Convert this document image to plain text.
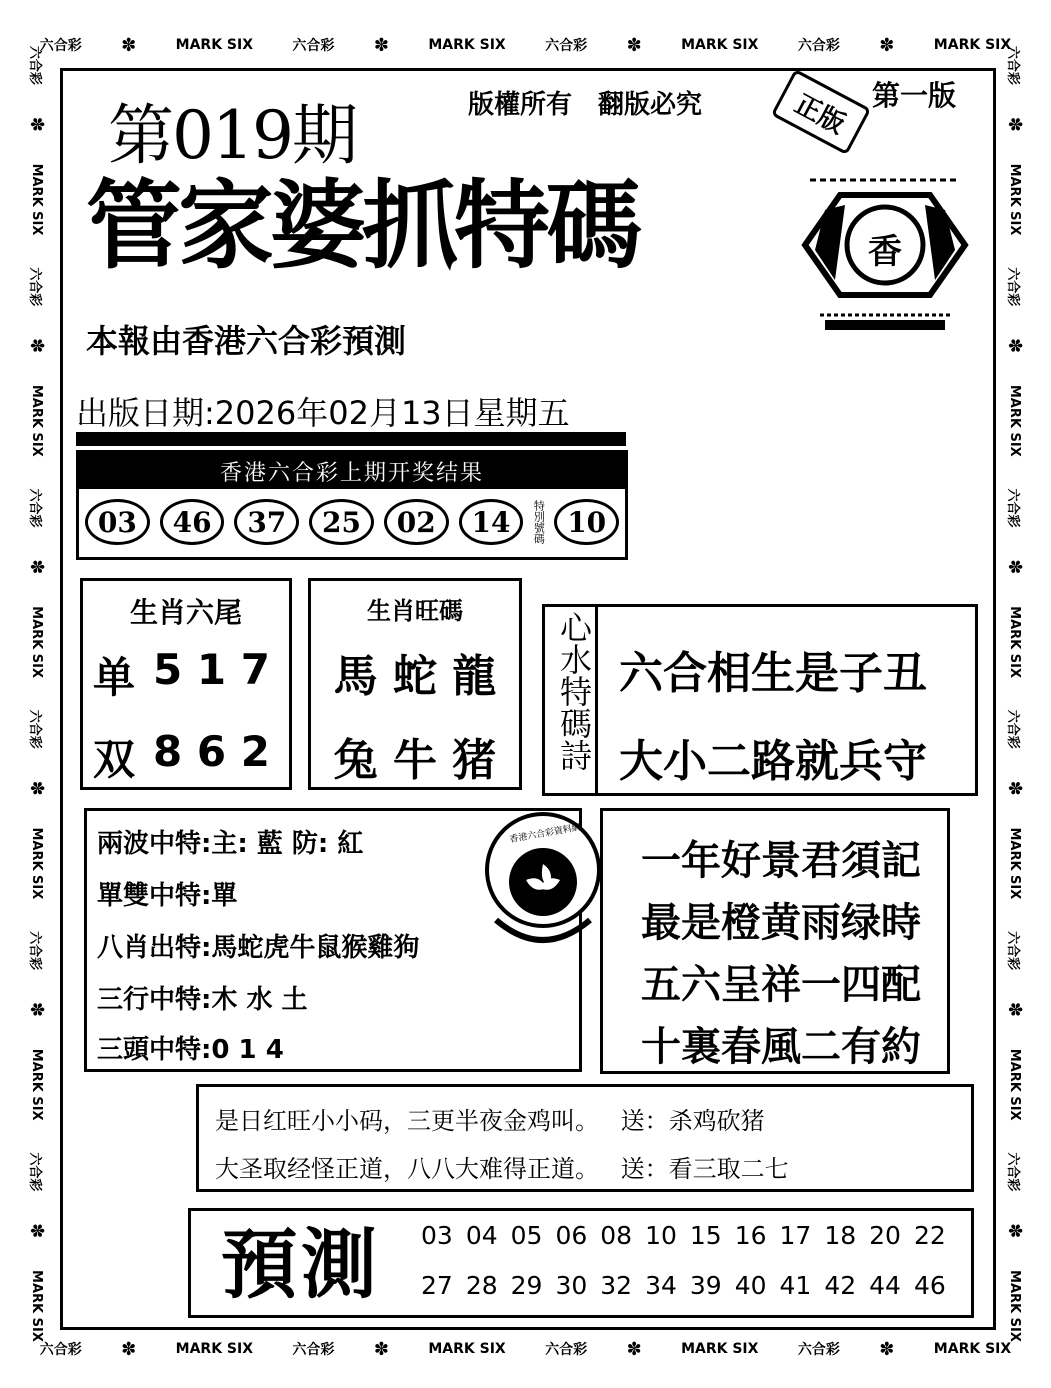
六合彩 ✽	MARK SIX	六合彩 ✽	MARK SIX	六合彩 ✽	MARK SIX	六合彩 ✽	MARK SIX
六合彩 ✽	MARK SIX	六合彩 ✽	MARK SIX	六合彩 ✽	MARK SIX	六合彩 ✽	MARK SIX
六合彩
✽
MARK SIX
六合彩
✽
MARK SIX
六合彩
✽
MARK SIX
六合彩
✽
MARK SIX
六合彩
✽
MARK SIX
六合彩
✽
MARK SIX
六合彩
✽
MARK SIX
六合彩
✽
MARK SIX
六合彩
✽
MARK SIX
六合彩
✽
MARK SIX
六合彩
✽
MARK SIX
六合彩
✽
MARK SIX
第019期	版權所有　翻版必究	第一版
正版
管家婆抓特碼
本報由香港六合彩預測
香
出版日期:2026年02月13日星期五
香港六合彩上期开奖结果
03	46	37	25	02	14	特別號碼 10
生肖六尾
单 5 1 7
双 8 6 2
生肖旺碼
馬 蛇 龍
兔 牛 猪	心水特碼詩 六合相生是子丑
大小二路就兵守
兩波中特:主: 藍 防: 紅
單雙中特:單
八肖出特:馬蛇虎牛鼠猴雞狗
三行中特:木 水 土
三頭中特:0 1 4
香港六合彩資料網
一年好景君須記
最是橙黄雨绿時
五六呈祥一四配
十裏春風二有約
是日红旺小小码，三更半夜金鸡叫。 送：杀鸡砍猪
大圣取经怪正道，八八大难得正道。 送：看三取二七
預測 03 04 05 06 08 10 15 16 17 18 20 22
27 28 29 30 32 34 39 40 41 42 44 46
